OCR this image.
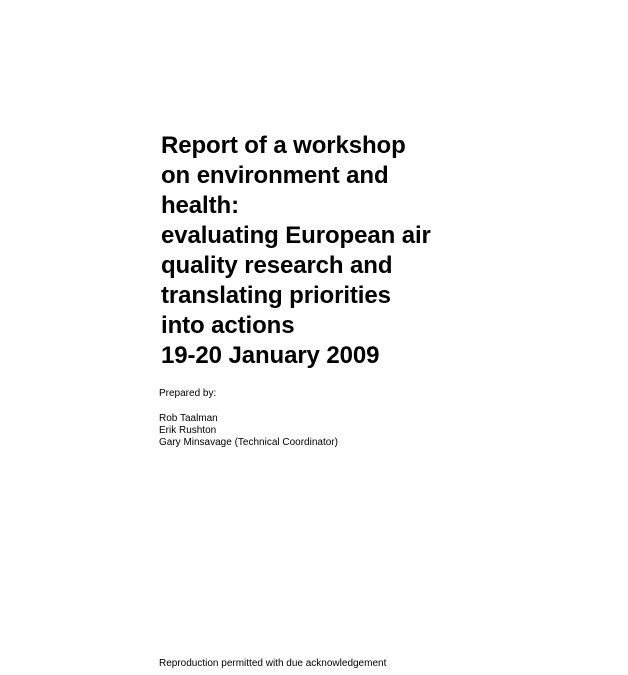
Report of a workshop
on environment and
health:
evaluating European air
quality research and
translating priorities
into actions
19-20 January 2009
Prepared by:
Rob Taalman
Erik Rushton
Gary Minsavage (Technical Coordinator)
Reproduction permitted with due acknowledgement
